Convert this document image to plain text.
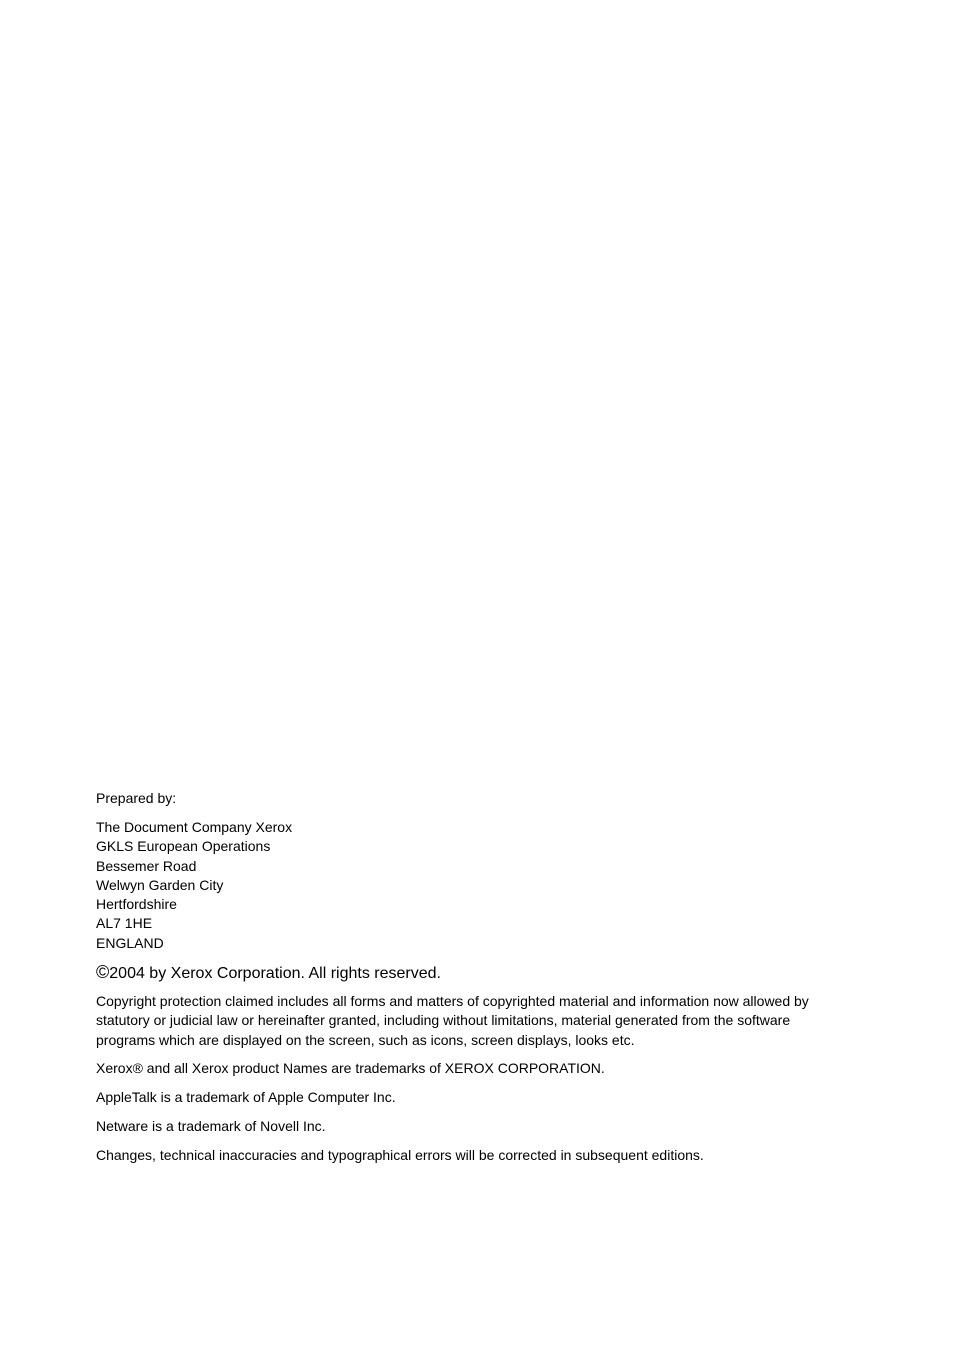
Prepared by:
The Document Company Xerox
GKLS European Operations
Bessemer Road
Welwyn Garden City
Hertfordshire
AL7 1HE
ENGLAND
©2004 by Xerox Corporation. All rights reserved.
Copyright protection claimed includes all forms and matters of copyrighted material and information now allowed by statutory or judicial law or hereinafter granted, including without limitations, material generated from the software programs which are displayed on the screen, such as icons, screen displays, looks etc.
Xerox® and all Xerox product Names are trademarks of XEROX CORPORATION.
AppleTalk is a trademark of Apple Computer Inc.
Netware is a trademark of Novell Inc.
Changes, technical inaccuracies and typographical errors will be corrected in subsequent editions.
